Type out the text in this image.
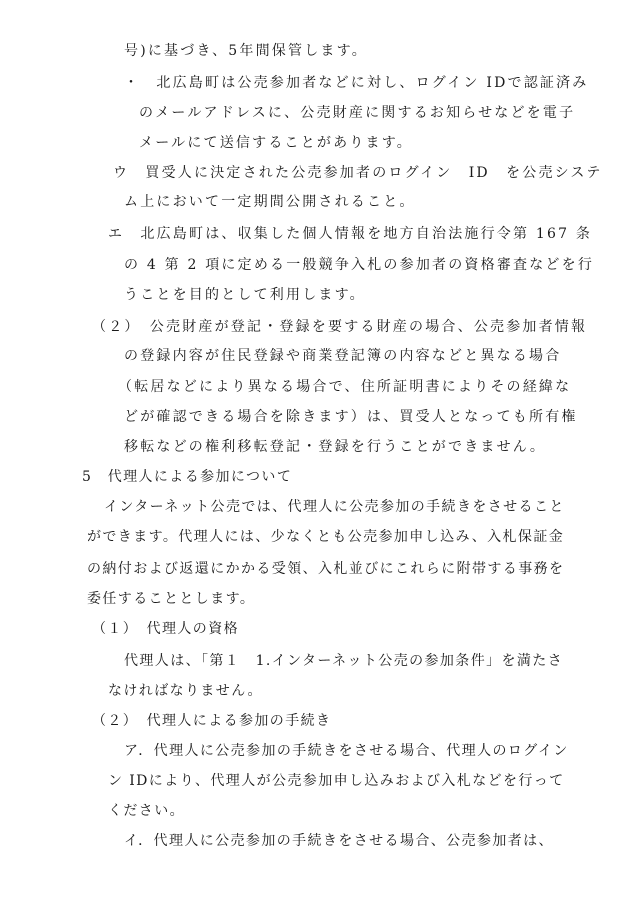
号)に基づき、5年間保管します。
・　北広島町は公売参加者などに対し、ログイン IDで認証済み
のメールアドレスに、公売財産に関するお知らせなどを電子
メールにて送信することがあります。
ウ　買受人に決定された公売参加者のログイン　ID　を公売システ
ム上において一定期間公開されること。
エ　北広島町は、収集した個人情報を地方自治法施行令第 167 条
の 4 第 2 項に定める一般競争入札の参加者の資格審査などを行
うことを目的として利用します。
（２）　公売財産が登記・登録を要する財産の場合、公売参加者情報
の登録内容が住民登録や商業登記簿の内容などと異なる場合
（転居などにより異なる場合で、住所証明書によりその経緯な
どが確認できる場合を除きます）は、買受人となっても所有権
移転などの権利移転登記・登録を行うことができません。
5　代理人による参加について
インターネット公売では、代理人に公売参加の手続きをさせること
ができます。代理人には、少なくとも公売参加申し込み、入札保証金
の納付および返還にかかる受領、入札並びにこれらに附帯する事務を
委任することとします。
（１）　代理人の資格
代理人は、「第１　1.インターネット公売の参加条件」を満たさ
なければなりません。
（２）　代理人による参加の手続き
ア．代理人に公売参加の手続きをさせる場合、代理人のログイン
ン IDにより、代理人が公売参加申し込みおよび入札などを行って
ください。
イ．代理人に公売参加の手続きをさせる場合、公売参加者は、
